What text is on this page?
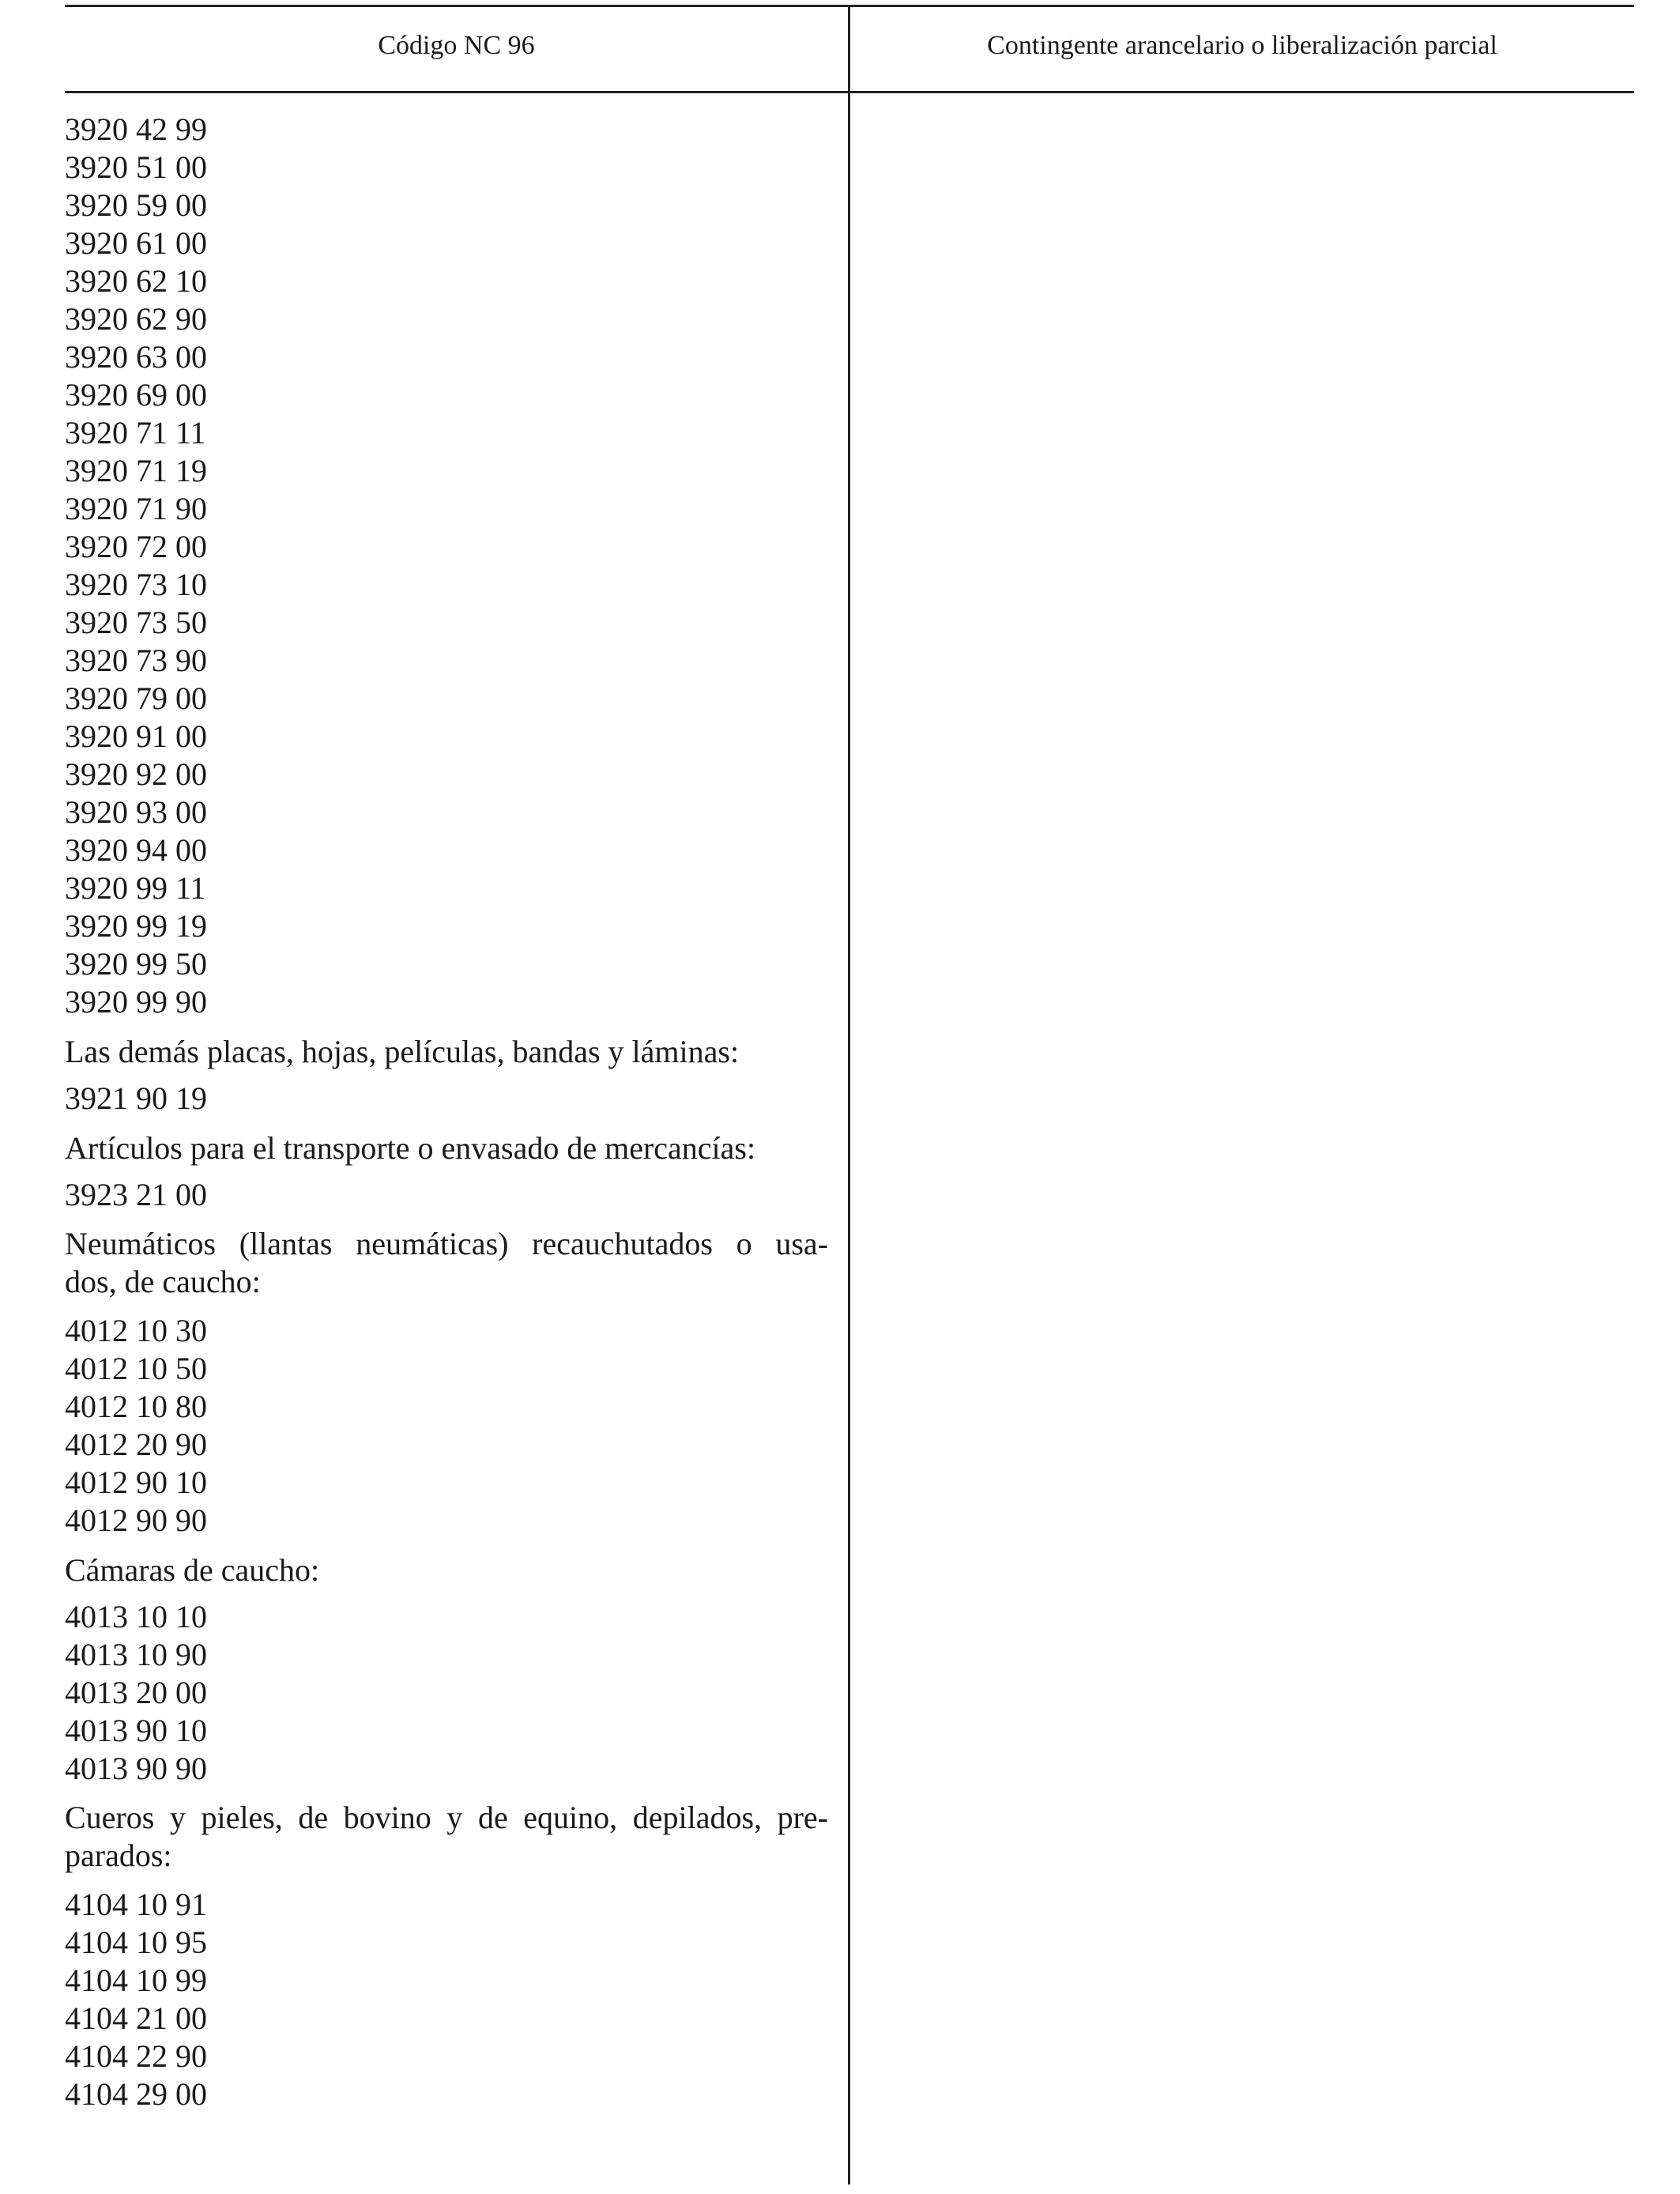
Código NC 96	Contingente arancelario o liberalización parcial
3920 42 99
3920 51 00
3920 59 00
3920 61 00
3920 62 10
3920 62 90
3920 63 00
3920 69 00
3920 71 11
3920 71 19
3920 71 90
3920 72 00
3920 73 10
3920 73 50
3920 73 90
3920 79 00
3920 91 00
3920 92 00
3920 93 00
3920 94 00
3920 99 11
3920 99 19
3920 99 50
3920 99 90
Las demás placas, hojas, películas, bandas y láminas:
3921 90 19
Artículos para el transporte o envasado de mercancías:
3923 21 00
Neumáticos (llantas neumáticas) recauchutados o usa-
dos, de caucho:
4012 10 30
4012 10 50
4012 10 80
4012 20 90
4012 90 10
4012 90 90
Cámaras de caucho:
4013 10 10
4013 10 90
4013 20 00
4013 90 10
4013 90 90
Cueros y pieles, de bovino y de equino, depilados, pre-
parados:
4104 10 91
4104 10 95
4104 10 99
4104 21 00
4104 22 90
4104 29 00
